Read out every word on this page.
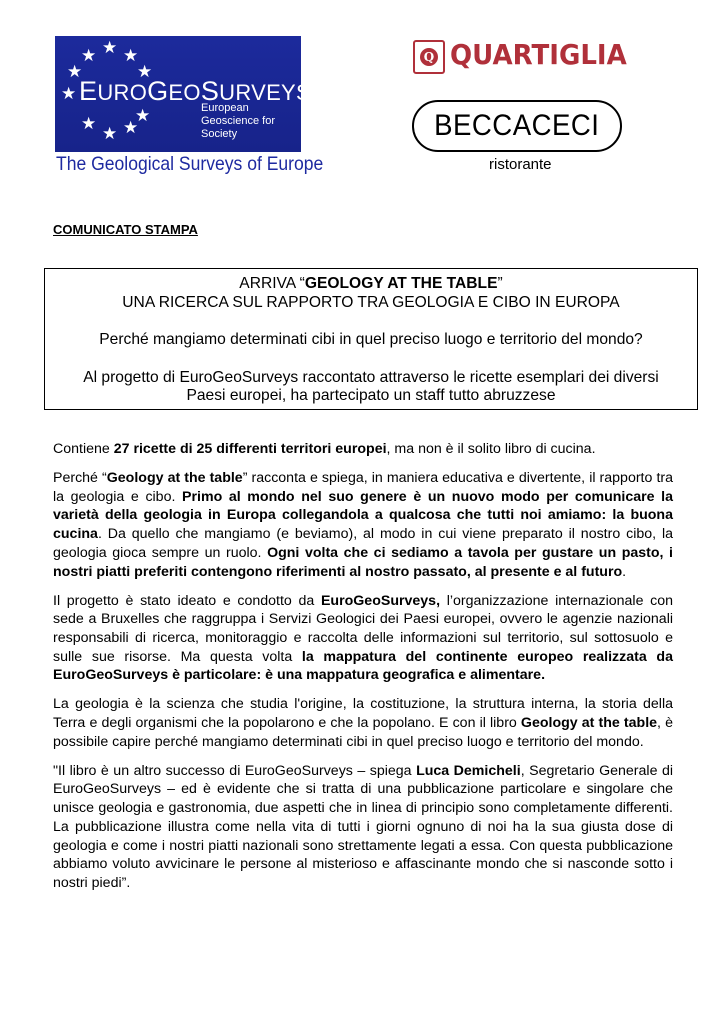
★
★ ★ ★
★
★
★ ★ ★
★
EUROGEOSURVEYS
European
Geoscience for
Society
The Geological Surveys of Europe
Q QUARTIGLIA
BECCACECI
ristorante
COMUNICATO STAMPA
ARRIVA “GEOLOGY AT THE TABLE”
UNA RICERCA SUL RAPPORTO TRA GEOLOGIA E CIBO IN EUROPA
Perché mangiamo determinati cibi in quel preciso luogo e territorio del mondo?
Al progetto di EuroGeoSurveys raccontato attraverso le ricette esemplari dei diversi
Paesi europei, ha partecipato un staff tutto abruzzese

Contiene 27 ricette di 25 differenti territori europei, ma non è il solito libro di cucina.

Perché “Geology at the table” racconta e spiega, in maniera educativa e divertente, il rapporto tra la geologia e cibo. Primo al mondo nel suo genere è un nuovo modo per comunicare la varietà della geologia in Europa collegandola a qualcosa che tutti noi amiamo: la buona cucina. Da quello che mangiamo (e beviamo), al modo in cui viene preparato il nostro cibo, la geologia gioca sempre un ruolo. Ogni volta che ci sediamo a tavola per gustare un pasto, i nostri piatti preferiti contengono riferimenti al nostro passato, al presente e al futuro.

Il progetto è stato ideato e condotto da EuroGeoSurveys, l’organizzazione internazionale con sede a Bruxelles che raggruppa i Servizi Geologici dei Paesi europei, ovvero le agenzie nazionali responsabili di ricerca, monitoraggio e raccolta delle informazioni sul territorio, sul sottosuolo e sulle sue risorse. Ma questa volta la mappatura del continente europeo realizzata da EuroGeoSurveys è particolare: è una mappatura geografica e alimentare.

La geologia è la scienza che studia l'origine, la costituzione, la struttura interna, la storia della Terra e degli organismi che la popolarono e che la popolano. E con il libro Geology at the table, è possibile capire perché mangiamo determinati cibi in quel preciso luogo e territorio del mondo.

"Il libro è un altro successo di EuroGeoSurveys – spiega Luca Demicheli, Segretario Generale di EuroGeoSurveys – ed è evidente che si tratta di una pubblicazione particolare e singolare che unisce geologia e gastronomia, due aspetti che in linea di principio sono completamente differenti. La pubblicazione illustra come nella vita di tutti i giorni ognuno di noi ha la sua giusta dose di geologia e come i nostri piatti nazionali sono strettamente legati a essa. Con questa pubblicazione abbiamo voluto avvicinare le persone al misterioso e affascinante mondo che si nasconde sotto i nostri piedi”.
